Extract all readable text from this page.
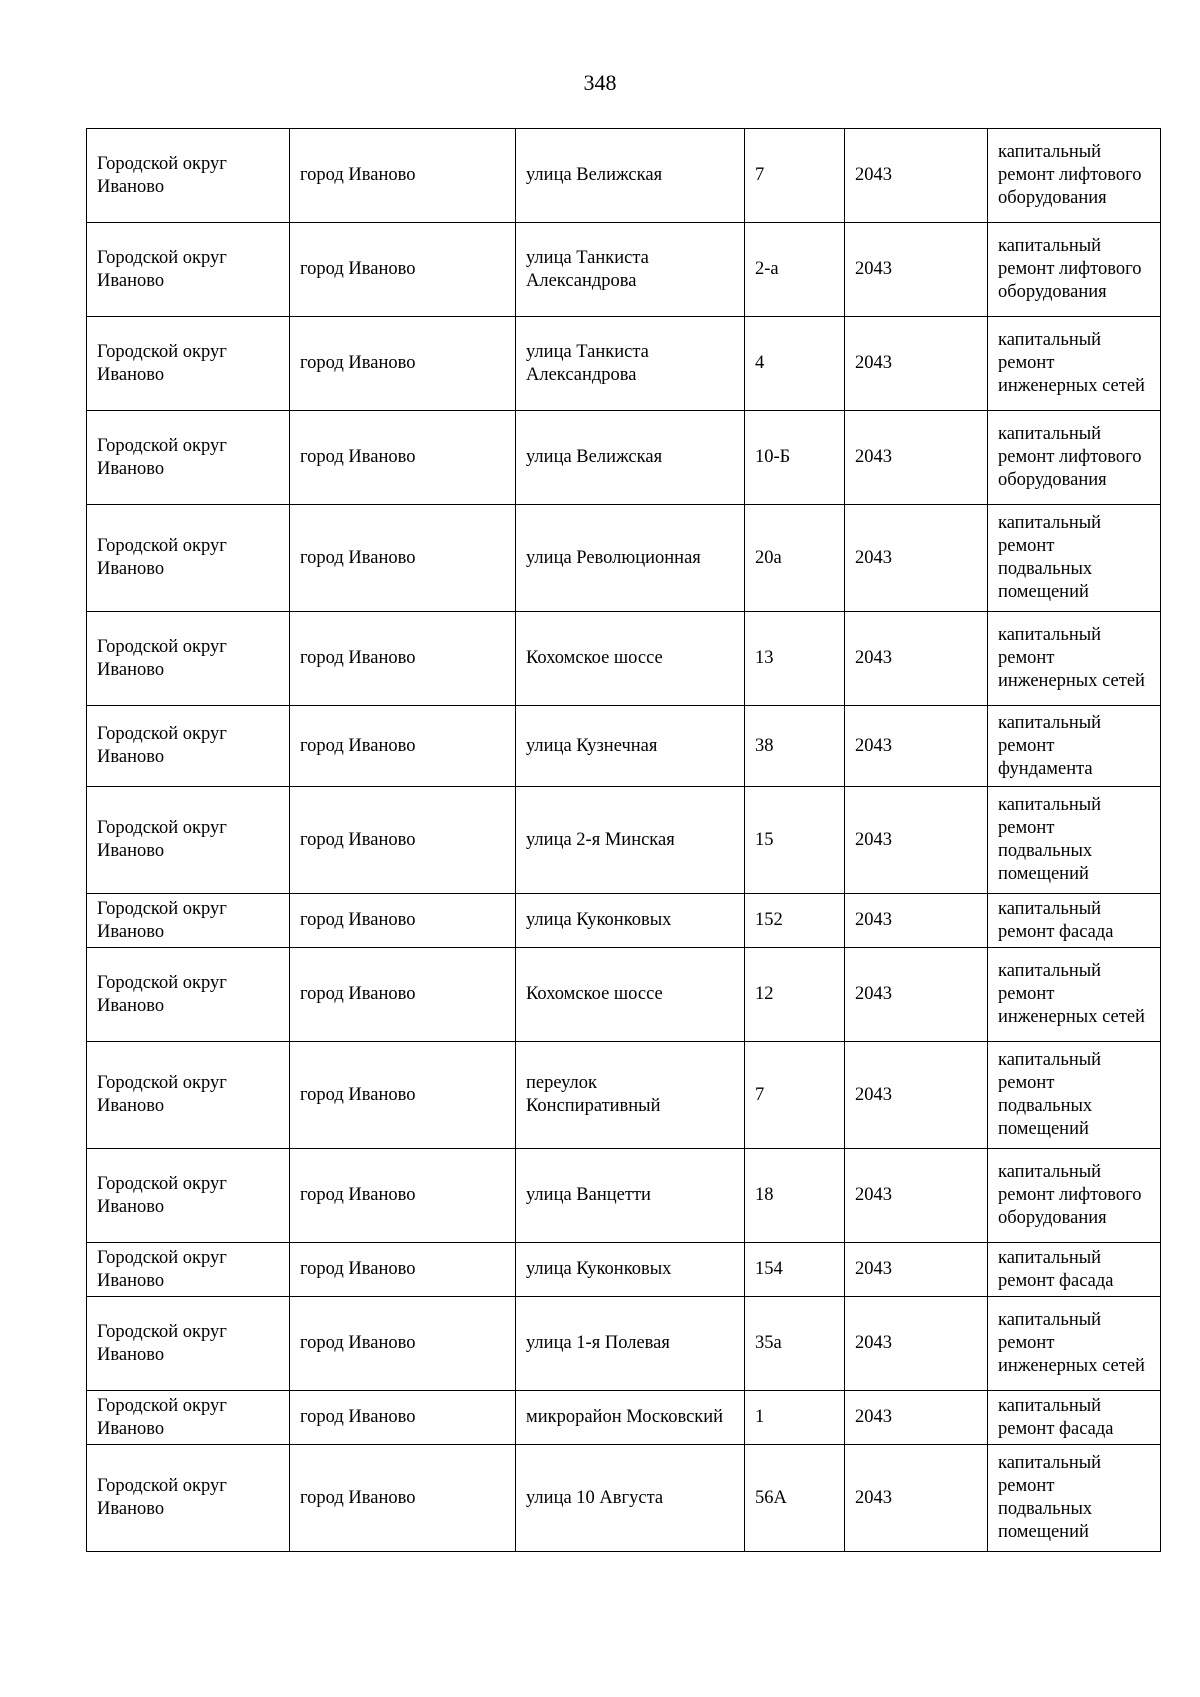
348
Городской округ Иваново	город Иваново	улица Велижская	7	2043	капитальный ремонт лифтового оборудования
Городской округ Иваново	город Иваново	улица Танкиста Александрова	2-а	2043	капитальный ремонт лифтового оборудования
Городской округ Иваново	город Иваново	улица Танкиста Александрова	4	2043	капитальный ремонт инженерных сетей
Городской округ Иваново	город Иваново	улица Велижская	10-Б	2043	капитальный ремонт лифтового оборудования
Городской округ Иваново	город Иваново	улица Революционная	20а	2043	капитальный ремонт подвальных помещений
Городской округ Иваново	город Иваново	Кохомское шоссе	13	2043	капитальный ремонт инженерных сетей
Городской округ Иваново	город Иваново	улица Кузнечная	38	2043	капитальный ремонт фундамента
Городской округ Иваново	город Иваново	улица 2-я Минская	15	2043	капитальный ремонт подвальных помещений
Городской округ Иваново	город Иваново	улица Куконковых	152	2043	капитальный ремонт фасада
Городской округ Иваново	город Иваново	Кохомское шоссе	12	2043	капитальный ремонт инженерных сетей
Городской округ Иваново	город Иваново	переулок Конспиративный	7	2043	капитальный ремонт подвальных помещений
Городской округ Иваново	город Иваново	улица Ванцетти	18	2043	капитальный ремонт лифтового оборудования
Городской округ Иваново	город Иваново	улица Куконковых	154	2043	капитальный ремонт фасада
Городской округ Иваново	город Иваново	улица 1-я Полевая	35а	2043	капитальный ремонт инженерных сетей
Городской округ Иваново	город Иваново	микрорайон Московский	1	2043	капитальный ремонт фасада
Городской округ Иваново	город Иваново	улица 10 Августа	56А	2043	капитальный ремонт подвальных помещений
